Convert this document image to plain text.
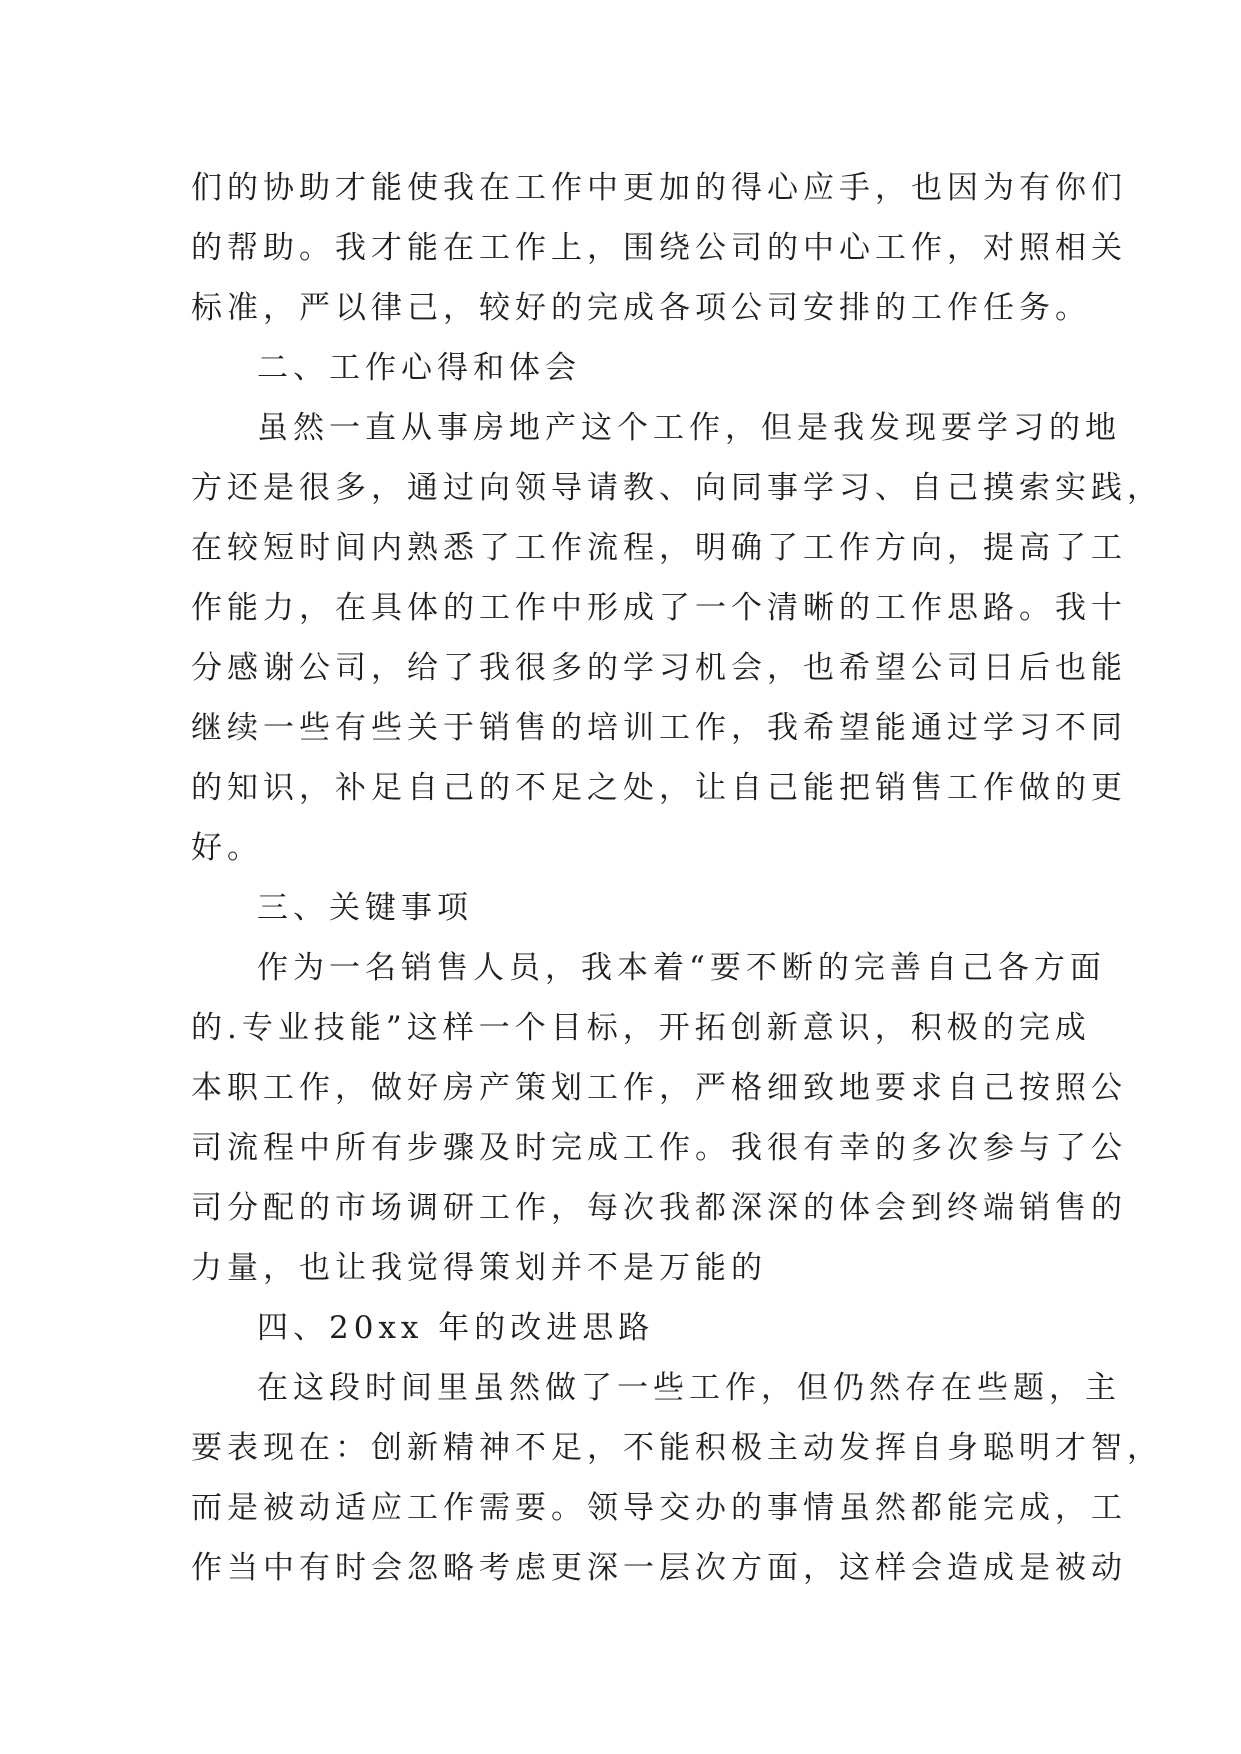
们的协助才能使我在工作中更加的得心应手，也因为有你们
的帮助。我才能在工作上，围绕公司的中心工作，对照相关
标准，严以律己，较好的完成各项公司安排的工作任务。
二、工作心得和体会
虽然一直从事房地产这个工作，但是我发现要学习的地
方还是很多，通过向领导请教、向同事学习、自己摸索实践，
在较短时间内熟悉了工作流程，明确了工作方向，提高了工
作能力，在具体的工作中形成了一个清晰的工作思路。我十
分感谢公司，给了我很多的学习机会，也希望公司日后也能
继续一些有些关于销售的培训工作，我希望能通过学习不同
的知识，补足自己的不足之处，让自己能把销售工作做的更
好。
三、关键事项
作为一名销售人员，我本着“要不断的完善自己各方面
的.专业技能”这样一个目标，开拓创新意识，积极的完成
本职工作，做好房产策划工作，严格细致地要求自己按照公
司流程中所有步骤及时完成工作。我很有幸的多次参与了公
司分配的市场调研工作，每次我都深深的体会到终端销售的
力量，也让我觉得策划并不是万能的
四、20xx 年的改进思路
在这段时间里虽然做了一些工作，但仍然存在些题，主
要表现在：创新精神不足，不能积极主动发挥自身聪明才智，
而是被动适应工作需要。领导交办的事情虽然都能完成，工
作当中有时会忽略考虑更深一层次方面，这样会造成是被动
